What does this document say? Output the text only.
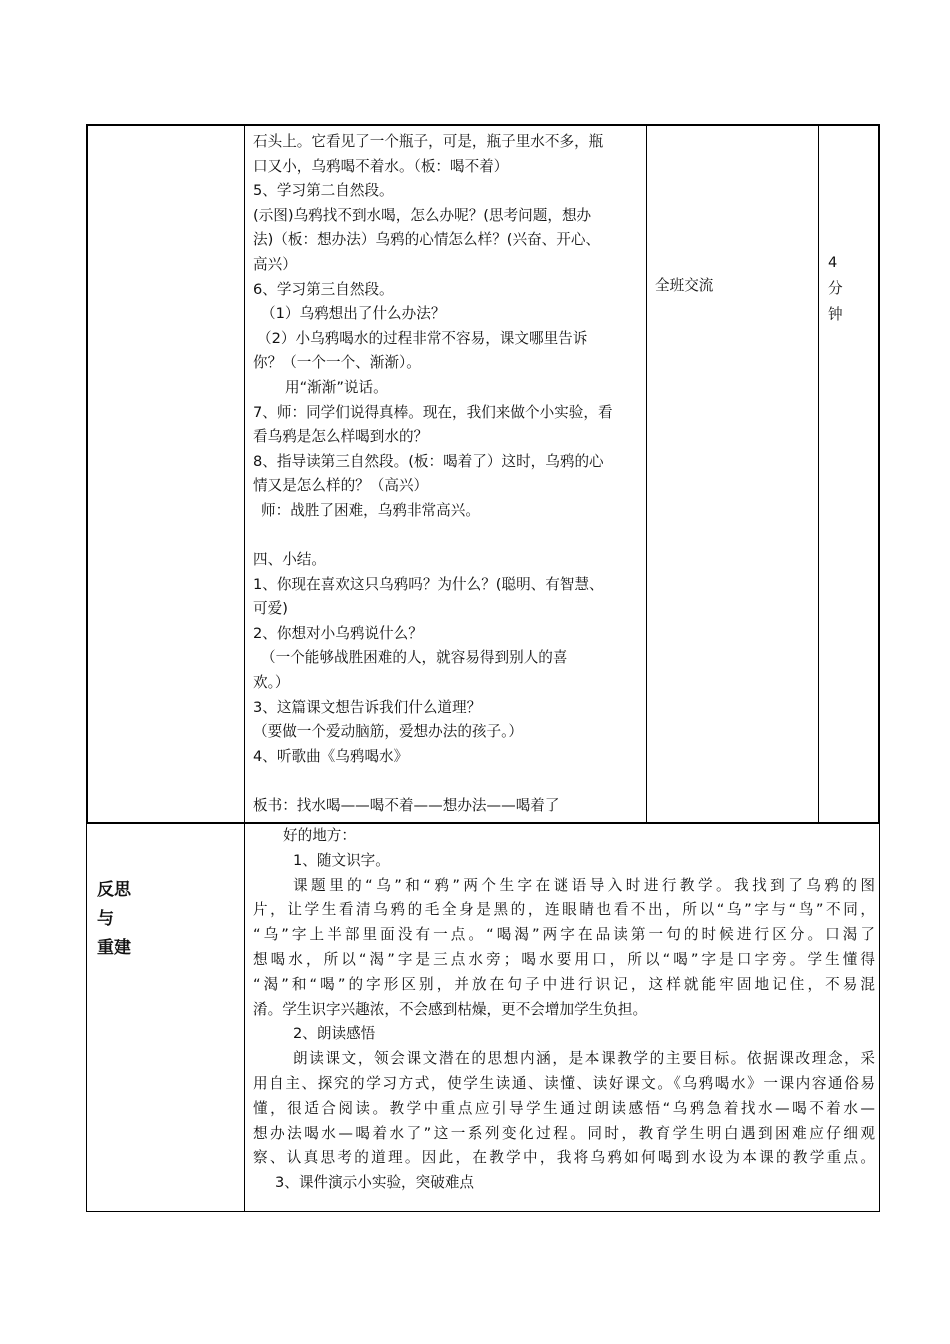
石头上。它看见了一个瓶子，可是，瓶子里水不多，瓶
口又小，乌鸦喝不着水。（板：喝不着）
5、学习第二自然段。
(示图)乌鸦找不到水喝，怎么办呢？(思考问题，想办
法)（板：想办法）乌鸦的心情怎么样？(兴奋、开心、
高兴）
6、学习第三自然段。
（1）乌鸦想出了什么办法？
（2）小乌鸦喝水的过程非常不容易，课文哪里告诉
你？（一个一个、渐渐）。
用“渐渐”说话。
7、师：同学们说得真棒。现在，我们来做个小实验，看
看乌鸦是怎么样喝到水的？
8、指导读第三自然段。(板：喝着了）这时，乌鸦的心
情又是怎么样的？（高兴）
师：战胜了困难，乌鸦非常高兴。
四、小结。
1、你现在喜欢这只乌鸦吗？为什么？(聪明、有智慧、
可爱)
2、你想对小乌鸦说什么？
（一个能够战胜困难的人，就容易得到别人的喜
欢。）
3、这篇课文想告诉我们什么道理？
（要做一个爱动脑筋，爱想办法的孩子。）
4、听歌曲《乌鸦喝水》
板书：找水喝——喝不着——想办法——喝着了
全班交流
4
分
钟
反思
与
重建
好的地方：
1、随文识字。
课题里的“乌”和“鸦”两个生字在谜语导入时进行教学。我找到了乌鸦的图
片，让学生看清乌鸦的毛全身是黑的，连眼睛也看不出，所以“乌”字与“鸟”不同，
“乌”字上半部里面没有一点。“喝渴”两字在品读第一句的时候进行区分。口渴了
想喝水，所以“渴”字是三点水旁；喝水要用口，所以“喝”字是口字旁。学生懂得
“渴”和“喝”的字形区别，并放在句子中进行识记，这样就能牢固地记住，不易混
淆。学生识字兴趣浓，不会感到枯燥，更不会增加学生负担。
2、朗读感悟
朗读课文，领会课文潜在的思想内涵，是本课教学的主要目标。依据课改理念，采
用自主、探究的学习方式，使学生读通、读懂、读好课文。《乌鸦喝水》一课内容通俗易
懂，很适合阅读。教学中重点应引导学生通过朗读感悟“乌鸦急着找水—喝不着水—
想办法喝水—喝着水了”这一系列变化过程。同时，教育学生明白遇到困难应仔细观
察、认真思考的道理。因此，在教学中，我将乌鸦如何喝到水设为本课的教学重点。
3、课件演示小实验，突破难点
